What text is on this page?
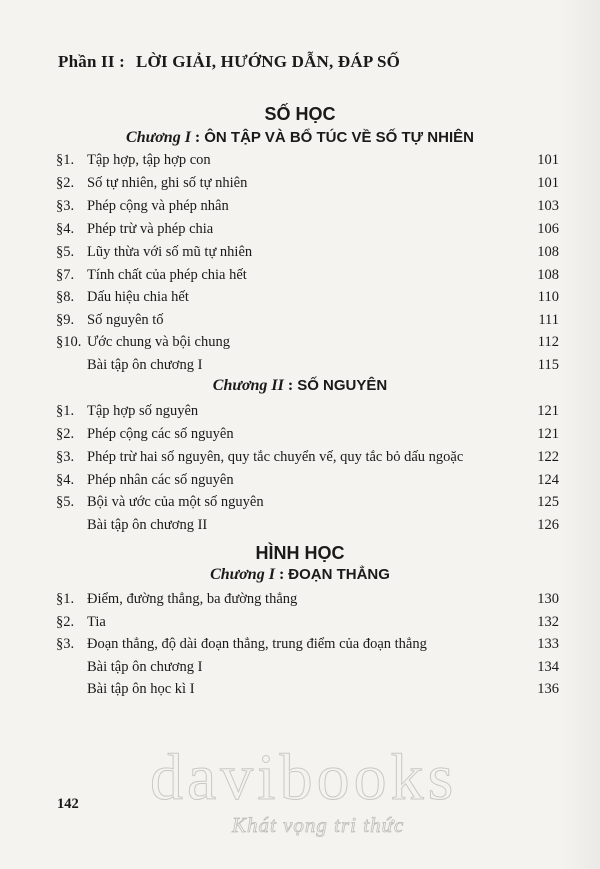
Phần II : LỜI GIẢI, HƯỚNG DẪN, ĐÁP SỐ
SỐ HỌC
Chương I : ÔN TẬP VÀ BỔ TÚC VỀ SỐ TỰ NHIÊN
§1. Tập hợp, tập hợp con	101
§2. Số tự nhiên, ghi số tự nhiên	101
§3. Phép cộng và phép nhân	103
§4. Phép trừ và phép chia	106
§5. Lũy thừa với số mũ tự nhiên	108
§7. Tính chất của phép chia hết	108
§8. Dấu hiệu chia hết	110
§9. Số nguyên tố	111
§10. Ước chung và bội chung	112
Bài tập ôn chương I	115
Chương II : SỐ NGUYÊN
§1. Tập hợp số nguyên	121
§2. Phép cộng các số nguyên	121
§3. Phép trừ hai số nguyên, quy tắc chuyển vế, quy tắc bỏ dấu ngoặc	122
§4. Phép nhân các số nguyên	124
§5. Bội và ước của một số nguyên	125
Bài tập ôn chương II	126
HÌNH HỌC
Chương I : ĐOẠN THẲNG
§1. Điểm, đường thẳng, ba đường thẳng	130
§2. Tia	132
§3. Đoạn thẳng, độ dài đoạn thẳng, trung điểm của đoạn thẳng	133
Bài tập ôn chương I	134
Bài tập ôn học kì I	136
142 davibooks
Khát vọng tri thức
